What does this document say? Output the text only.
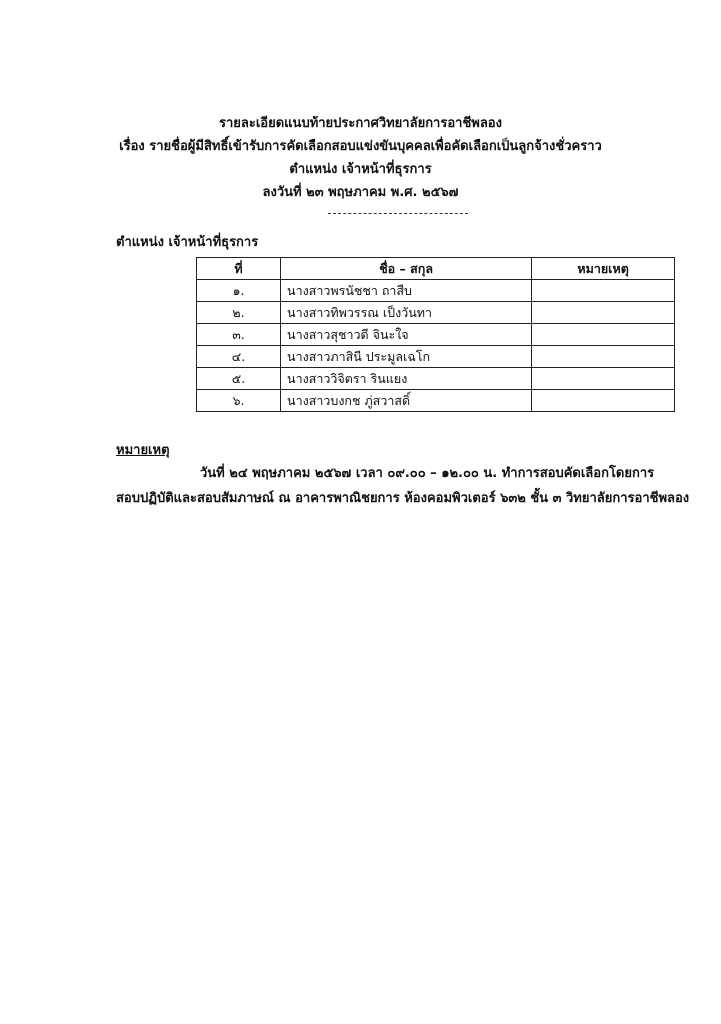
รายละเอียดแนบท้ายประกาศวิทยาลัยการอาชีพลอง
เรื่อง รายชื่อผู้มีสิทธิ์เข้ารับการคัดเลือกสอบแข่งขันบุคคลเพื่อคัดเลือกเป็นลูกจ้างชั่วคราว
ตำแหน่ง เจ้าหน้าที่ธุรการ
ลงวันที่ ๒๓ พฤษภาคม พ.ศ. ๒๕๖๗
ตำแหน่ง เจ้าหน้าที่ธุรการ
ที่	ชื่อ – สกุล	หมายเหตุ
๑.	นางสาวพรนัชชา ถาสืบ	
๒.	นางสาวทิพวรรณ เป็งวันทา	
๓.	นางสาวสุชาวดี จินะใจ	
๔.	นางสาวภาสินี ประมูลเฉโก	
๕.	นางสาววิจิตรา รินแยง	
๖.	นางสาวบงกช ภู่สวาสดิ์	
หมายเหตุ
วันที่ ๒๔ พฤษภาคม ๒๕๖๗ เวลา ๐๙.๐๐ – ๑๒.๐๐ น. ทำการสอบคัดเลือกโดยการ
สอบปฏิบัติและสอบสัมภาษณ์ ณ อาคารพาณิชยการ ห้องคอมพิวเตอร์ ๖๓๒ ชั้น ๓ วิทยาลัยการอาชีพลอง
